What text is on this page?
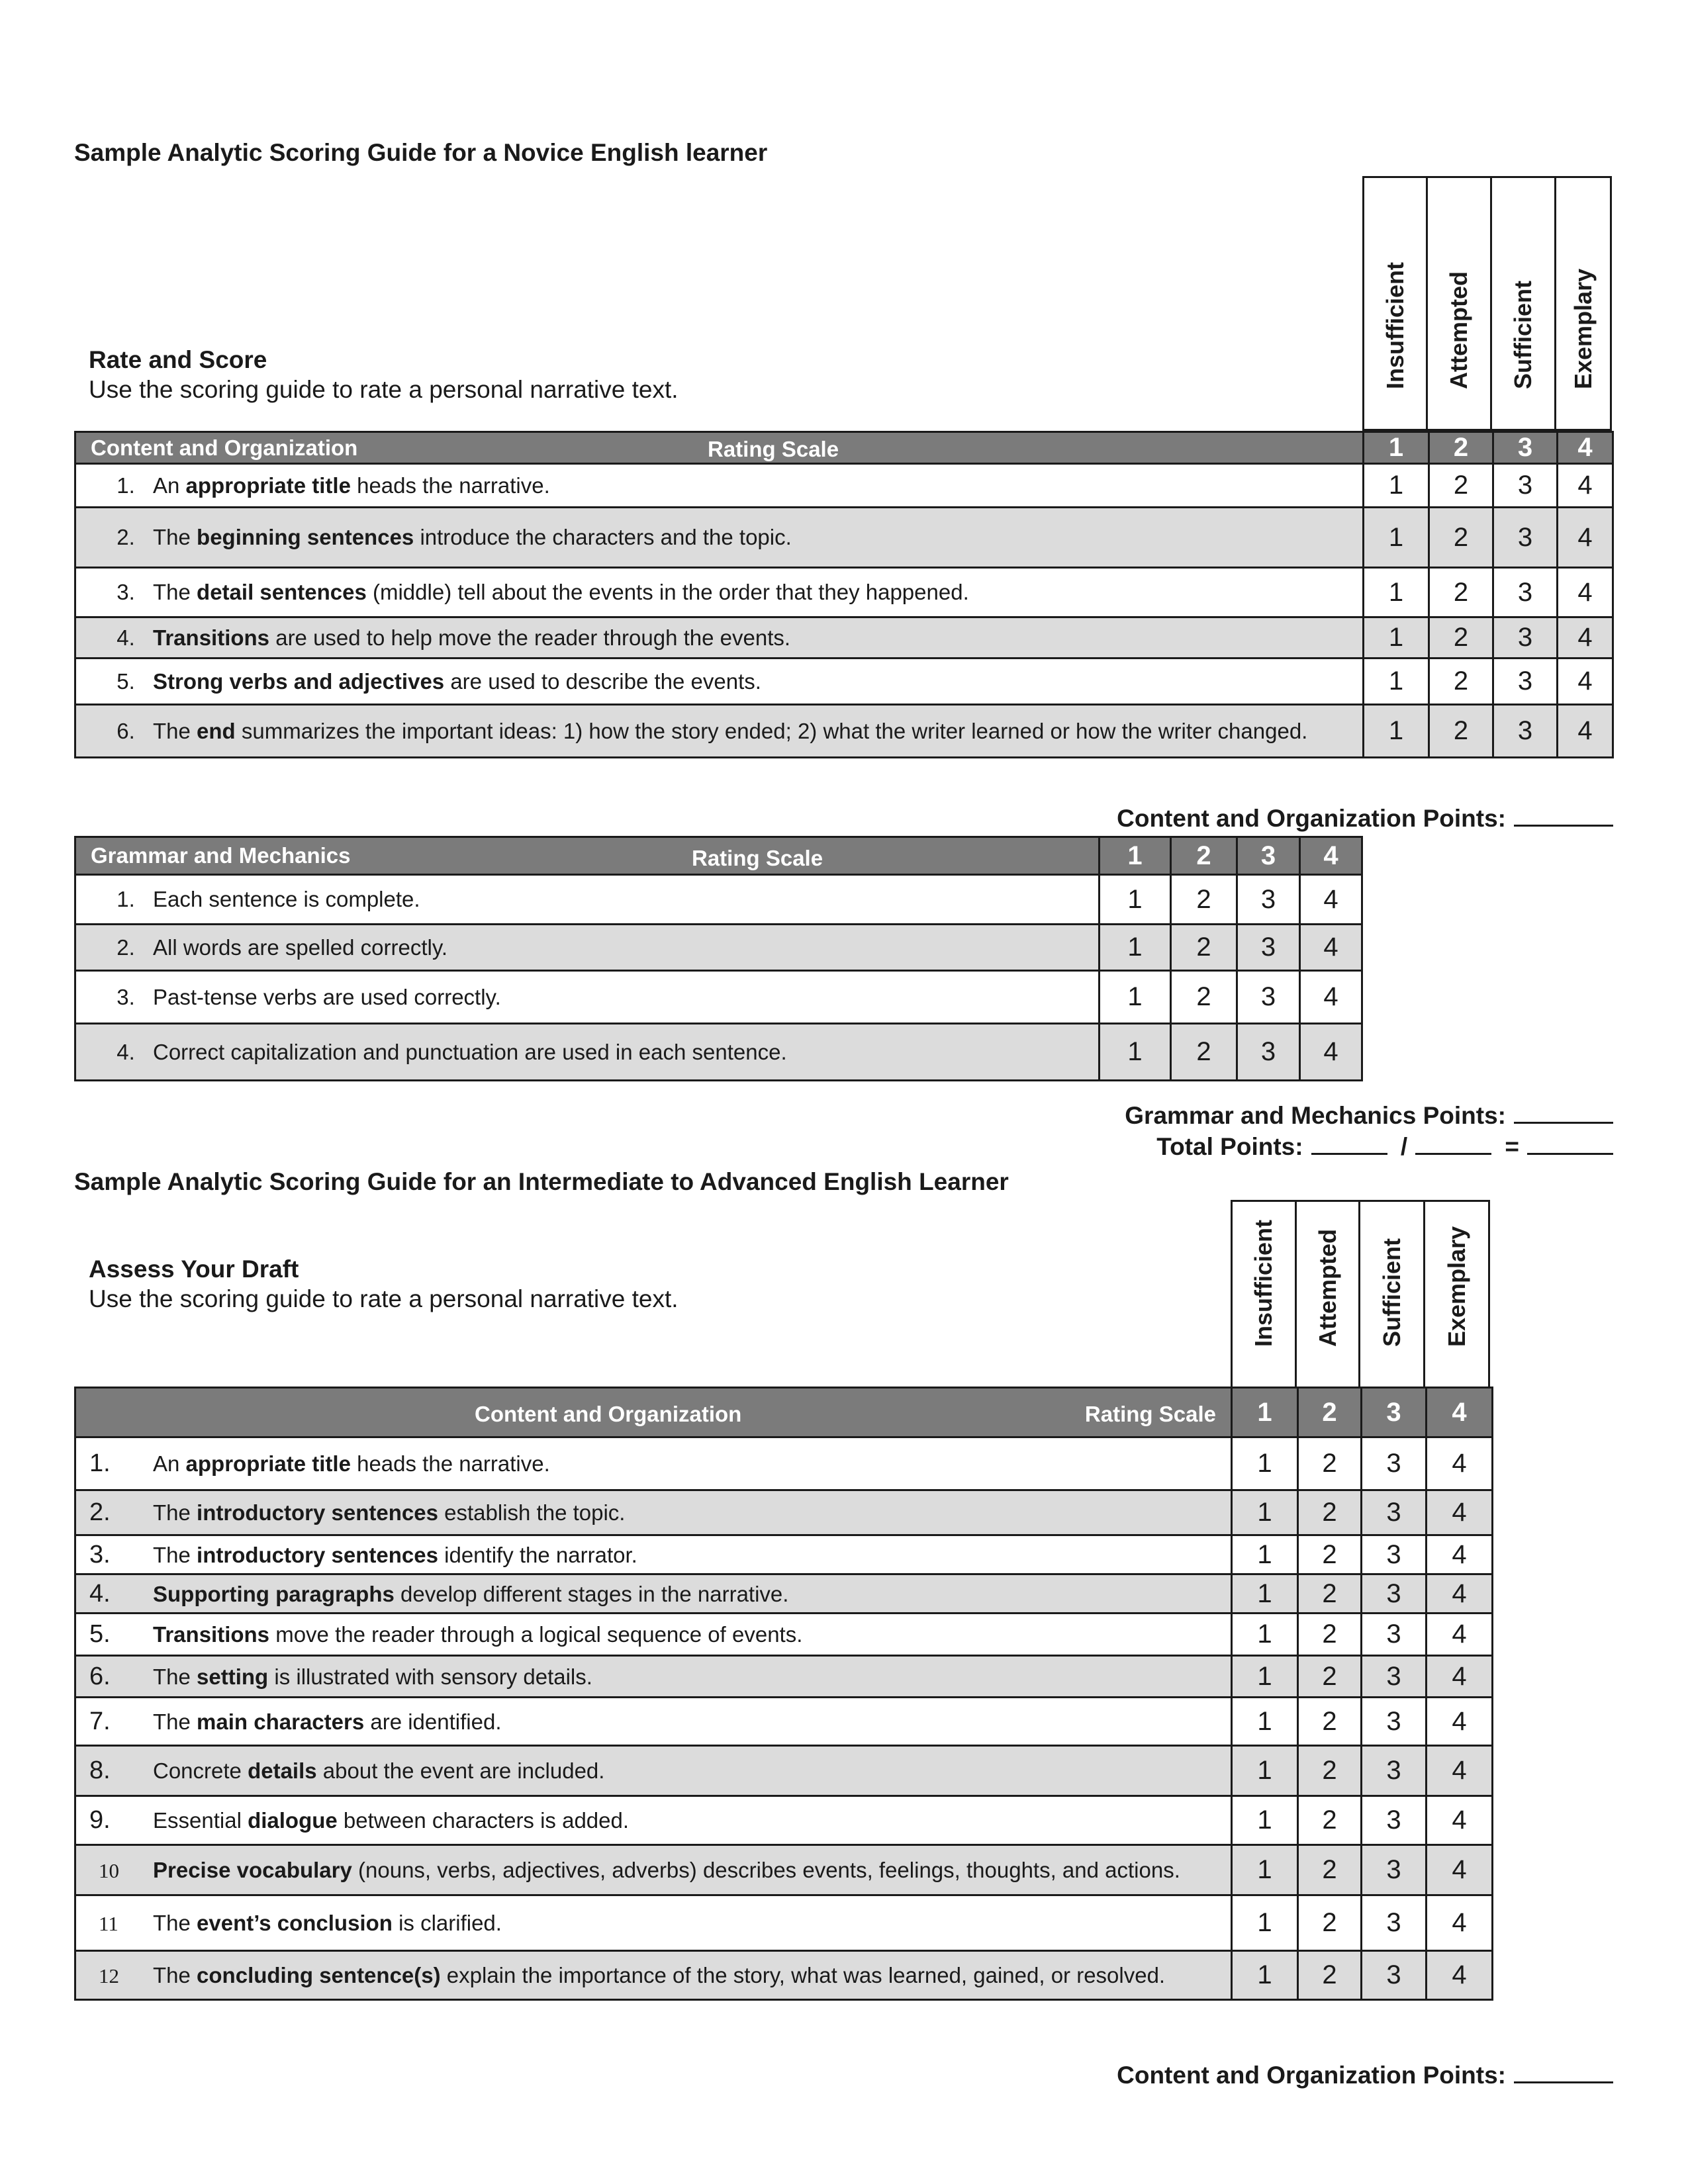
Sample Analytic Scoring Guide for a Novice English learner
Insufficient Attempted Sufficient Exemplary
Rate and Score
Use the scoring guide to rate a personal narrative text.
Content and Organization Rating Scale	1	2	3	4
1. An appropriate title heads the narrative.	1	2	3	4
2. The beginning sentences introduce the characters and the topic.	1	2	3	4
3. The detail sentences (middle) tell about the events in the order that they happened.	1	2	3	4
4. Transitions are used to help move the reader through the events.	1	2	3	4
5. Strong verbs and adjectives are used to describe the events.	1	2	3	4
6. The end summarizes the important ideas: 1) how the story ended; 2) what the writer learned or how the writer changed.	1	2	3	4
Content and Organization Points:
Grammar and Mechanics Rating Scale	1	2	3	4
1. Each sentence is complete.	1	2	3	4
2. All words are spelled correctly.	1	2	3	4
3. Past-tense verbs are used correctly.	1	2	3	4
4. Correct capitalization and punctuation are used in each sentence.	1	2	3	4
Grammar and Mechanics Points:
Total Points:	/	=
Sample Analytic Scoring Guide for an Intermediate to Advanced English Learner
Insufficient Attempted Sufficient Exemplary
Assess Your Draft
Use the scoring guide to rate a personal narrative text.
Content and Organization Rating Scale	1	2	3	4
1. An appropriate title heads the narrative.	1	2	3	4
2. The introductory sentences establish the topic.	1	2	3	4
3. The introductory sentences identify the narrator.	1	2	3	4
4. Supporting paragraphs develop different stages in the narrative.	1	2	3	4
5. Transitions move the reader through a logical sequence of events.	1	2	3	4
6. The setting is illustrated with sensory details.	1	2	3	4
7. The main characters are identified.	1	2	3	4
8. Concrete details about the event are included.	1	2	3	4
9. Essential dialogue between characters is added.	1	2	3	4
10 Precise vocabulary (nouns, verbs, adjectives, adverbs) describes events, feelings, thoughts, and actions.	1	2	3	4
11 The event’s conclusion is clarified.	1	2	3	4
12 The concluding sentence(s) explain the importance of the story, what was learned, gained, or resolved.	1	2	3	4
Content and Organization Points:
